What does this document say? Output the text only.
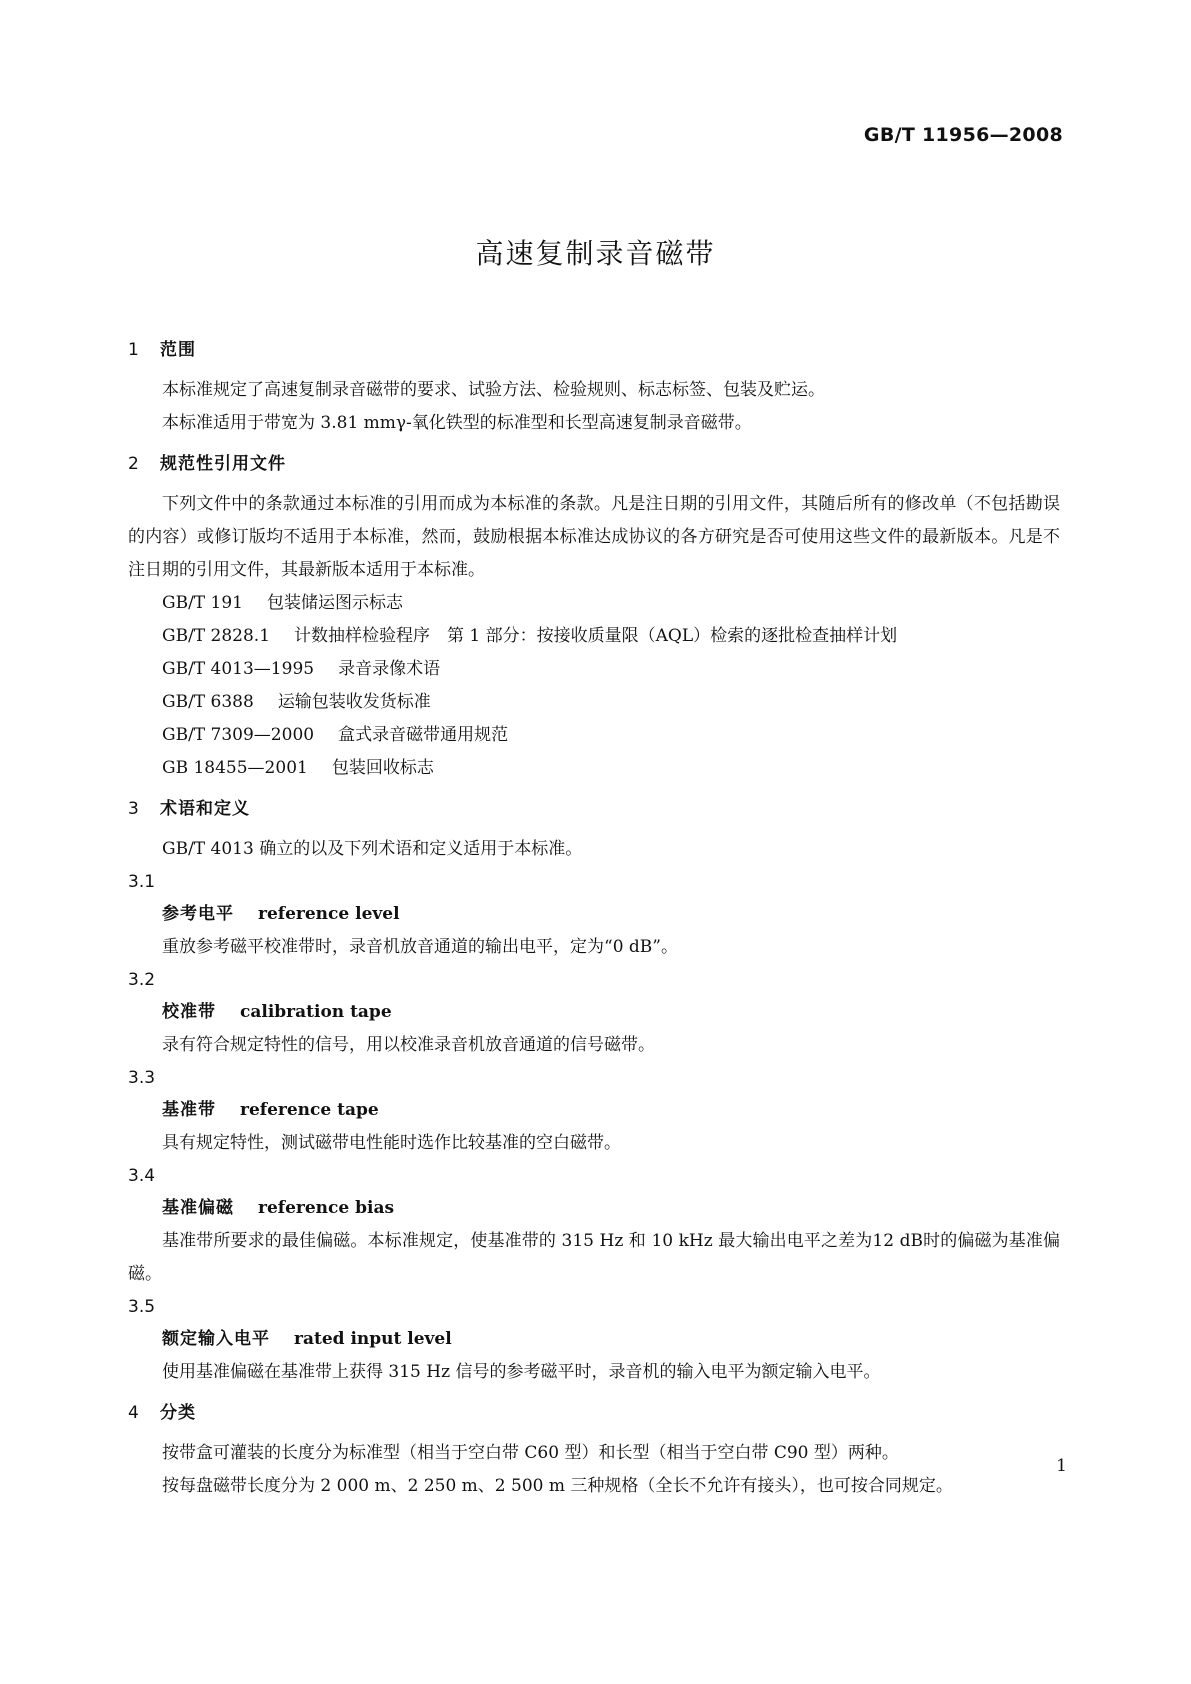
GB/T 11956—2008
高速复制录音磁带
1	范围

本标准规定了高速复制录音磁带的要求、试验方法、检验规则、标志标签、包装及贮运。

本标准适用于带宽为 3.81 mmγ-氧化铁型的标准型和长型高速复制录音磁带。

2	规范性引用文件

下列文件中的条款通过本标准的引用而成为本标准的条款。凡是注日期的引用文件，其随后所有的修改单（不包括勘误的内容）或修订版均不适用于本标准，然而，鼓励根据本标准达成协议的各方研究是否可使用这些文件的最新版本。凡是不注日期的引用文件，其最新版本适用于本标准。

GB/T 191 包装储运图示标志
GB/T 2828.1 计数抽样检验程序　第 1 部分：按接收质量限（AQL）检索的逐批检查抽样计划
GB/T 4013—1995 录音录像术语
GB/T 6388 运输包装收发货标准
GB/T 7309—2000 盒式录音磁带通用规范
GB 18455—2001 包装回收标志
3	术语和定义

GB/T 4013 确立的以及下列术语和定义适用于本标准。

3.1
参考电平 reference level

重放参考磁平校准带时，录音机放音通道的输出电平，定为“0 dB”。

3.2
校准带 calibration tape

录有符合规定特性的信号，用以校准录音机放音通道的信号磁带。

3.3
基准带 reference tape

具有规定特性，测试磁带电性能时选作比较基准的空白磁带。

3.4
基准偏磁 reference bias

基准带所要求的最佳偏磁。本标准规定，使基准带的 315 Hz 和 10 kHz 最大输出电平之差为12 dB时的偏磁为基准偏磁。

3.5
额定输入电平 rated input level

使用基准偏磁在基准带上获得 315 Hz 信号的参考磁平时，录音机的输入电平为额定输入电平。

4	分类

按带盒可灌装的长度分为标准型（相当于空白带 C60 型）和长型（相当于空白带 C90 型）两种。

按每盘磁带长度分为 2 000 m、2 250 m、2 500 m 三种规格（全长不允许有接头），也可按合同规定。

1
